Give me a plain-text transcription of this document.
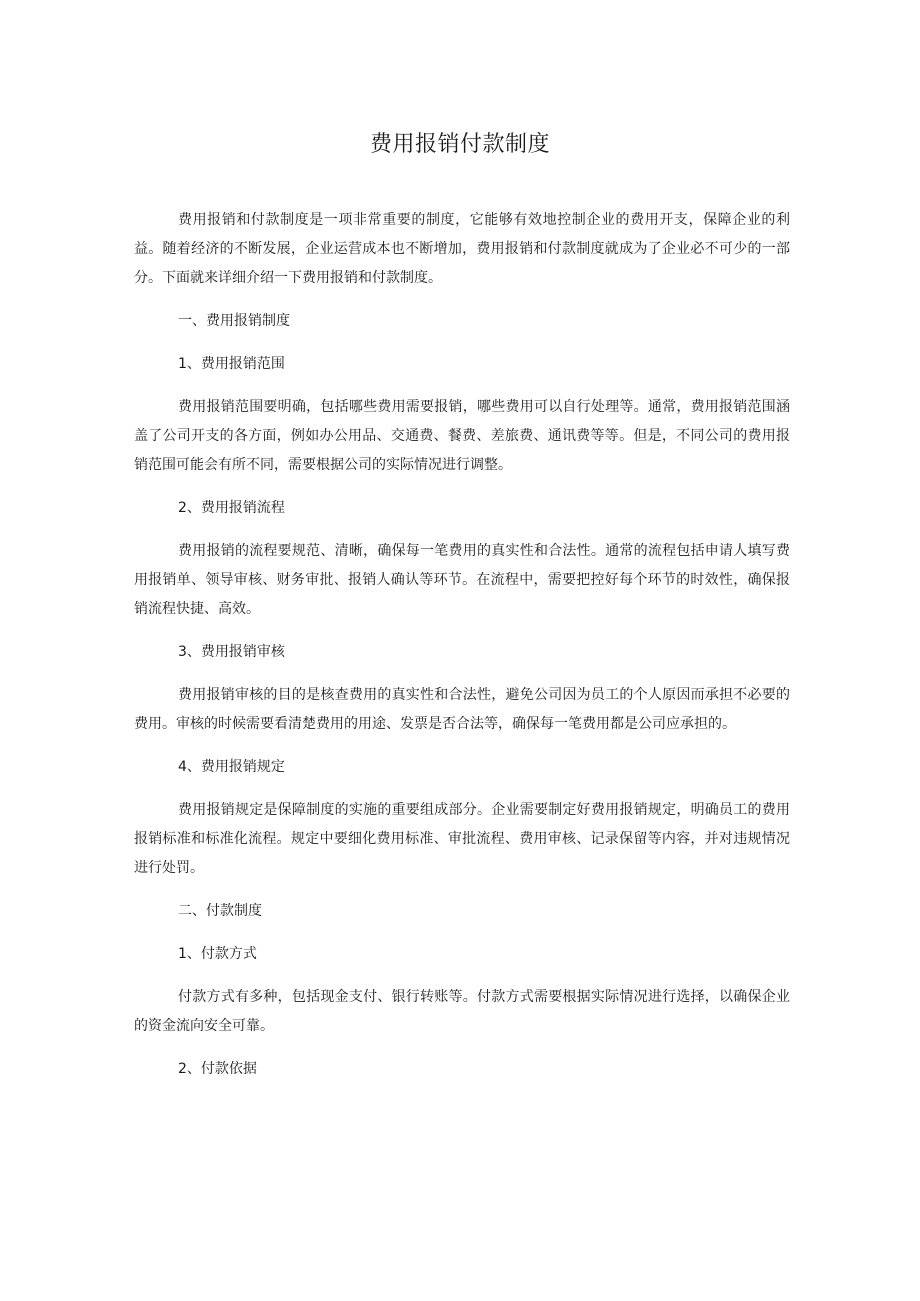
费用报销付款制度

费用报销和付款制度是一项非常重要的制度，它能够有效地控制企业的费用开支，保障企业的利益。随着经济的不断发展，企业运营成本也不断增加，费用报销和付款制度就成为了企业必不可少的一部分。下面就来详细介绍一下费用报销和付款制度。

一、费用报销制度

1、费用报销范围

费用报销范围要明确，包括哪些费用需要报销，哪些费用可以自行处理等。通常，费用报销范围涵盖了公司开支的各方面，例如办公用品、交通费、餐费、差旅费、通讯费等等。但是，不同公司的费用报销范围可能会有所不同，需要根据公司的实际情况进行调整。

2、费用报销流程

费用报销的流程要规范、清晰，确保每一笔费用的真实性和合法性。通常的流程包括申请人填写费用报销单、领导审核、财务审批、报销人确认等环节。在流程中，需要把控好每个环节的时效性，确保报销流程快捷、高效。

3、费用报销审核

费用报销审核的目的是核查费用的真实性和合法性，避免公司因为员工的个人原因而承担不必要的费用。审核的时候需要看清楚费用的用途、发票是否合法等，确保每一笔费用都是公司应承担的。

4、费用报销规定

费用报销规定是保障制度的实施的重要组成部分。企业需要制定好费用报销规定，明确员工的费用报销标准和标准化流程。规定中要细化费用标准、审批流程、费用审核、记录保留等内容，并对违规情况进行处罚。

二、付款制度

1、付款方式

付款方式有多种，包括现金支付、银行转账等。付款方式需要根据实际情况进行选择，以确保企业的资金流向安全可靠。

2、付款依据
